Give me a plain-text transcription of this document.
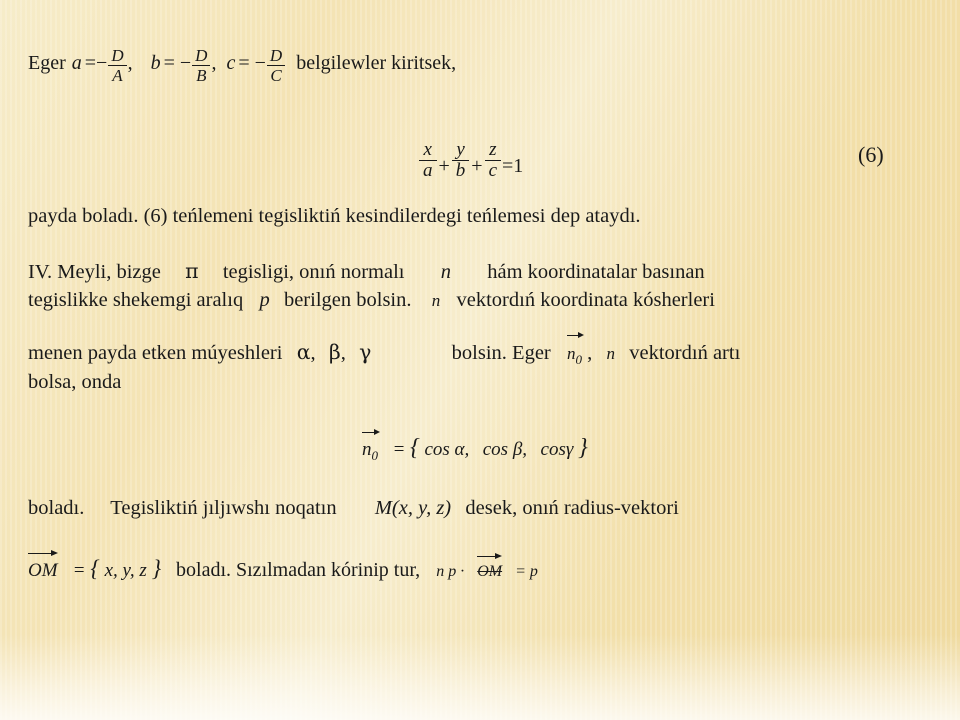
Eger $a =- \frac{D}{A}$ , b = − $\frac{D}{B}$ , c = − $\frac{D}{C}$ belgilewler kiritsek,
$\frac{x}{a} + \frac{y}{b} + \frac{z}{c} =1$	(6)
payda boladı. (6) teńlemeni tegisliktiń kesindilerdegi teńlemesi dep ataydı.
IV. Meyli, bizge π tegisligi, onıń normalı n hám koordinatalar basınan
tegislikke shekemgi aralıq p berilgen bolsin. n vektordıń koordinata kósherleri
menen payda etken múyeshleri α, β, γ	bolsin. Eger $n_0$ , n vektordıń artı
bolsa, onda
$n_0$ = { cos α, cos β, cosγ }
boladı. Tegisliktiń jıljıwshı noqatın M(x, y, z) desek, onıń radius-vektori
OM = { x, y, z } boladı. Sızılmadan kórinip tur, n p · OM = p
